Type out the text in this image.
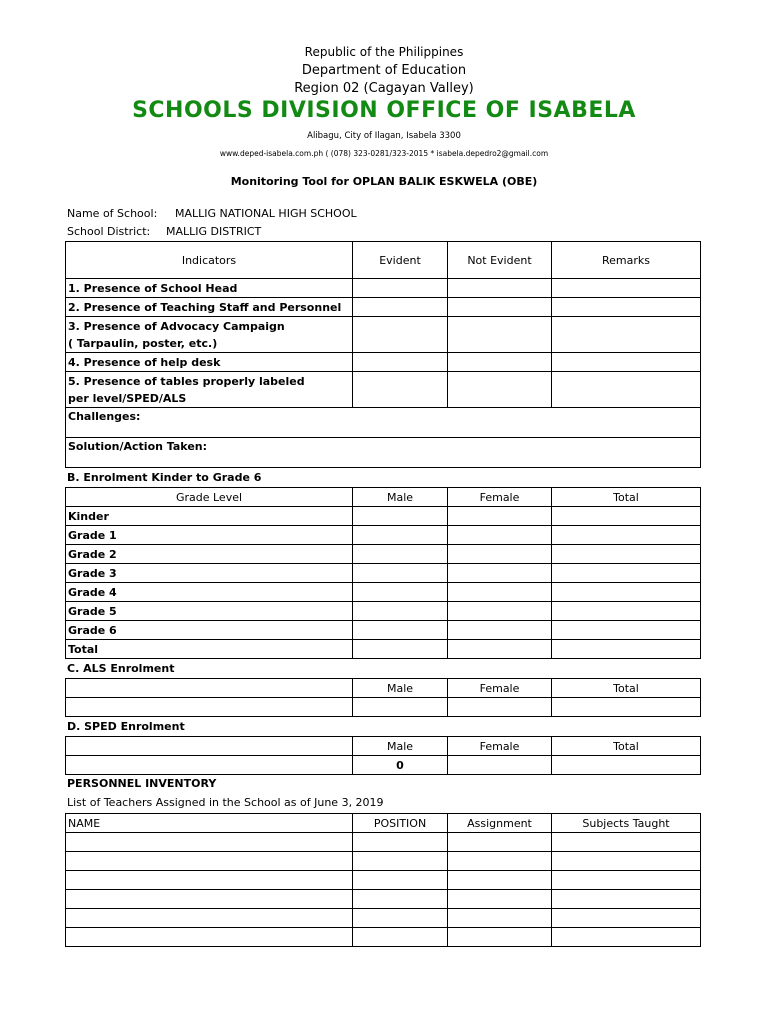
Republic of the Philippines
Department of Education
Region 02 (Cagayan Valley)
SCHOOLS DIVISION OFFICE OF ISABELA
Alibagu, City of Ilagan, Isabela 3300
www.deped-isabela.com.ph ( (078) 323-0281/323-2015 * isabela.depedro2@gmail.com
Monitoring Tool for OPLAN BALIK ESKWELA (OBE)
Name of School: MALLIG NATIONAL HIGH SCHOOL
School District: MALLIG DISTRICT
Indicators	Evident	Not Evident	Remarks
1. Presence of School Head			
2. Presence of Teaching Staff and Personnel			

3. Presence of Advocacy Campaign
( Tarpaulin, poster, etc.)			

4. Presence of help desk			

5. Presence of tables properly labeled
per level/SPED/ALS			

Challenges:			
Solution/Action Taken:			
B. Enrolment Kinder to Grade 6
Grade Level	Male	Female	Total
Kinder			
Grade 1			
Grade 2			
Grade 3			
Grade 4			
Grade 5			
Grade 6			
Total			
C. ALS Enrolment
	Male	Female	Total

D. SPED Enrolment
	Male	Female	Total
	0		
PERSONNEL INVENTORY
List of Teachers Assigned in the School as of June 3, 2019
NAME	POSITION	Assignment	Subjects Taught
